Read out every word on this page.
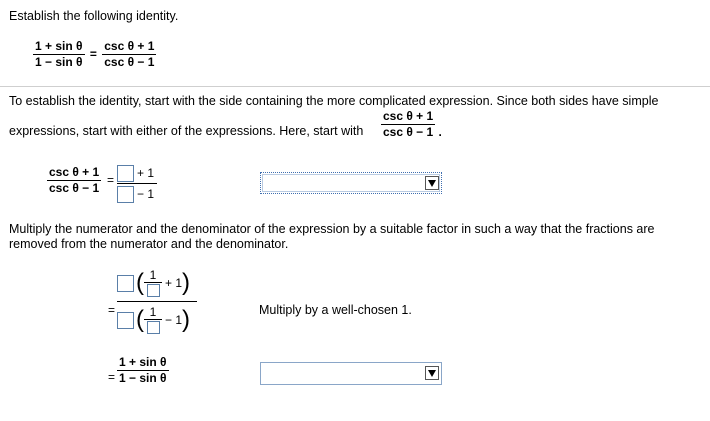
Establish the following identity.
$\frac{\text{1 + sin θ}}{\text{1 − sin θ}} = \frac{\text{csc θ + 1}}{\text{csc θ − 1}}$
To establish the identity, start with the side containing the more complicated expression. Since both sides have simple
expressions, start with either of the expressions. Here, start with $\frac{\text{csc θ + 1}}{\text{csc θ − 1}}$ .
$\frac{\text{csc θ + 1}}{\text{csc θ − 1}}$ = + 1
− 1
Multiply the numerator and the denominator of the expression by a suitable factor in such a way that the fractions are
removed from the numerator and the denominator.
=
( 1
+ 1 )
( 1
− 1 )	Multiply by a well-chosen 1.
= $\frac{\text{1 + sin θ}}{\text{1 − sin θ}}$
